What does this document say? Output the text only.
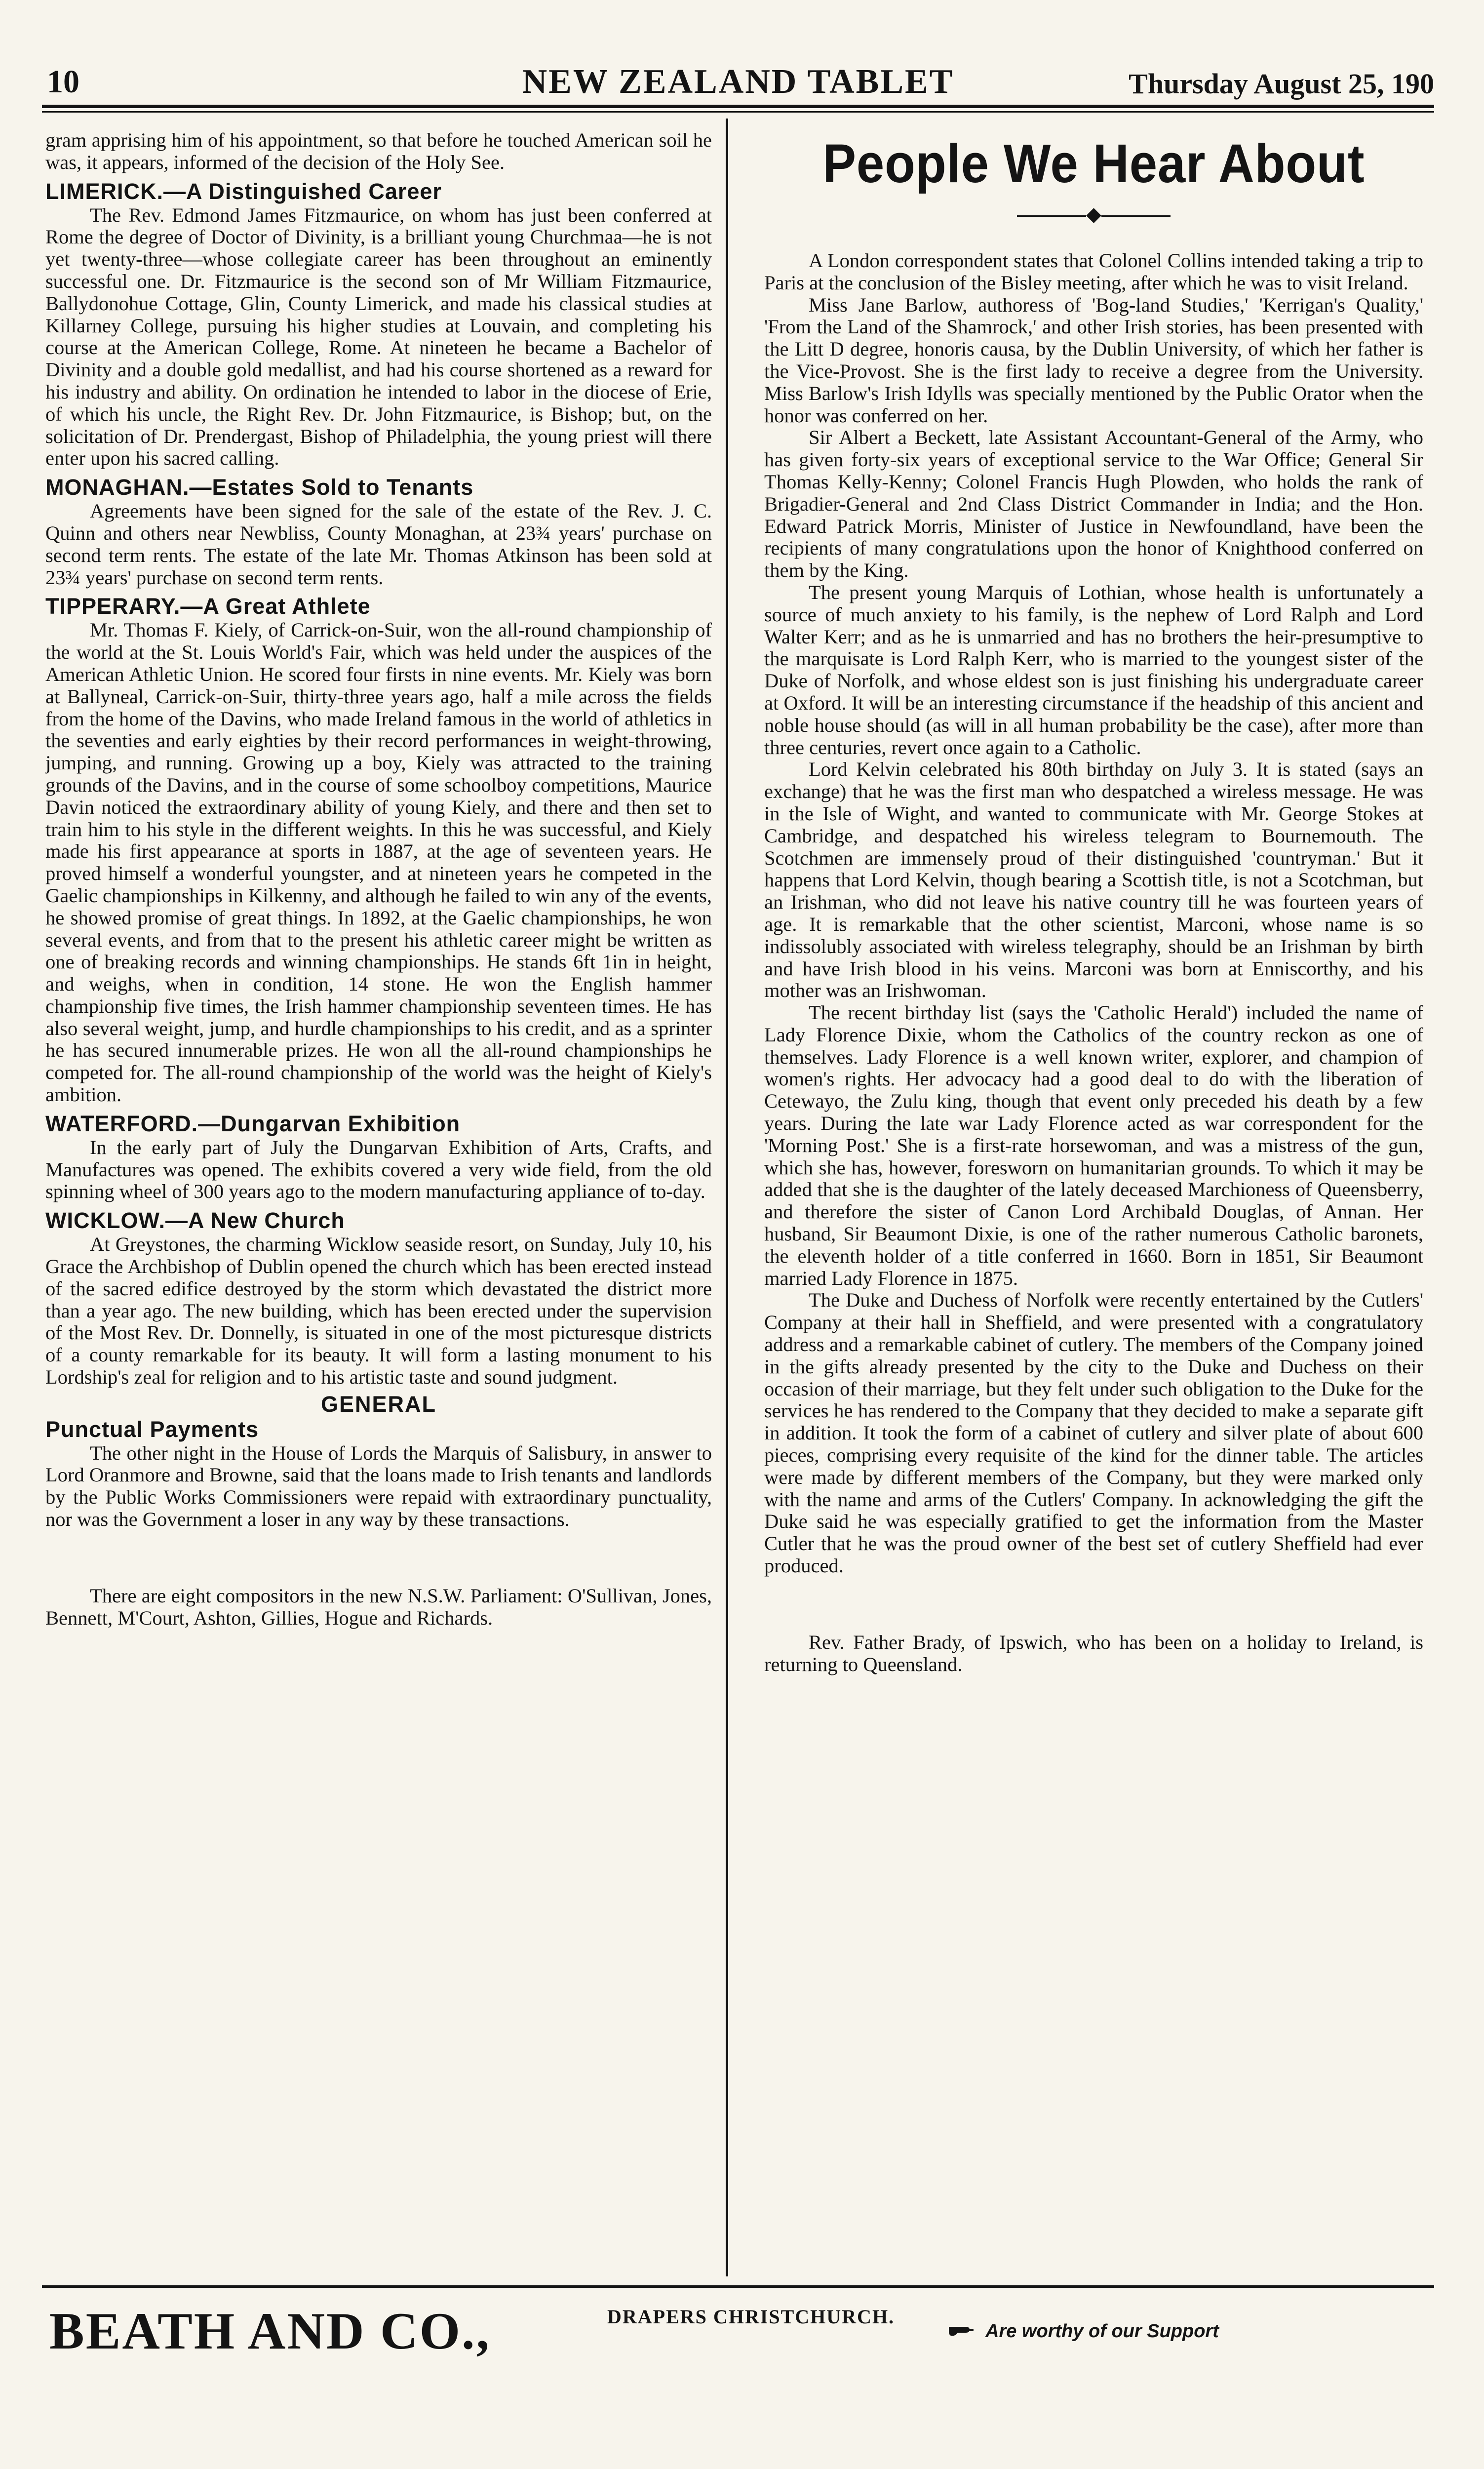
10	NEW ZEALAND TABLET	Thursday August 25, 190

gram apprising him of his appointment, so that before he touched American soil he was, it appears, informed of the decision of the Holy See.

LIMERICK.—A Distinguished Career

The Rev. Edmond James Fitzmaurice, on whom has just been conferred at Rome the degree of Doctor of Divinity, is a brilliant young Churchmaa—he is not yet twenty-three—whose collegiate career has been throughout an eminently successful one. Dr. Fitzmaurice is the second son of Mr William Fitzmaurice, Ballydonohue Cottage, Glin, County Limerick, and made his classical studies at Killarney College, pursuing his higher studies at Louvain, and completing his course at the American College, Rome. At nineteen he became a Bachelor of Divinity and a double gold medallist, and had his course shortened as a reward for his industry and ability. On ordination he intended to labor in the diocese of Erie, of which his uncle, the Right Rev. Dr. John Fitzmaurice, is Bishop; but, on the solicitation of Dr. Prendergast, Bishop of Philadelphia, the young priest will there enter upon his sacred calling.

MONAGHAN.—Estates Sold to Tenants

Agreements have been signed for the sale of the estate of the Rev. J. C. Quinn and others near Newbliss, County Monaghan, at 23¾ years' purchase on second term rents. The estate of the late Mr. Thomas Atkinson has been sold at 23¾ years' purchase on second term rents.

TIPPERARY.—A Great Athlete

Mr. Thomas F. Kiely, of Carrick-on-Suir, won the all-round championship of the world at the St. Louis World's Fair, which was held under the auspices of the American Athletic Union. He scored four firsts in nine events. Mr. Kiely was born at Ballyneal, Carrick-on-Suir, thirty-three years ago, half a mile across the fields from the home of the Davins, who made Ireland famous in the world of athletics in the seventies and early eighties by their record performances in weight-throwing, jumping, and running. Growing up a boy, Kiely was attracted to the training grounds of the Davins, and in the course of some schoolboy competitions, Maurice Davin noticed the extraordinary ability of young Kiely, and there and then set to train him to his style in the different weights. In this he was successful, and Kiely made his first appearance at sports in 1887, at the age of seventeen years. He proved himself a wonderful youngster, and at nineteen years he competed in the Gaelic championships in Kilkenny, and although he failed to win any of the events, he showed promise of great things. In 1892, at the Gaelic championships, he won several events, and from that to the present his athletic career might be written as one of breaking records and winning championships. He stands 6ft 1in in height, and weighs, when in condition, 14 stone. He won the English hammer championship five times, the Irish hammer championship seventeen times. He has also several weight, jump, and hurdle championships to his credit, and as a sprinter he has secured innumerable prizes. He won all the all-round championships he competed for. The all-round championship of the world was the height of Kiely's ambition.

WATERFORD.—Dungarvan Exhibition

In the early part of July the Dungarvan Exhibition of Arts, Crafts, and Manufactures was opened. The exhibits covered a very wide field, from the old spinning wheel of 300 years ago to the modern manufacturing appliance of to-day.

WICKLOW.—A New Church

At Greystones, the charming Wicklow seaside resort, on Sunday, July 10, his Grace the Archbishop of Dublin opened the church which has been erected instead of the sacred edifice destroyed by the storm which devastated the district more than a year ago. The new building, which has been erected under the supervision of the Most Rev. Dr. Donnelly, is situated in one of the most picturesque districts of a county remarkable for its beauty. It will form a lasting monument to his Lordship's zeal for religion and to his artistic taste and sound judgment.

GENERAL
Punctual Payments

The other night in the House of Lords the Marquis of Salisbury, in answer to Lord Oranmore and Browne, said that the loans made to Irish tenants and landlords by the Public Works Commissioners were repaid with extraordinary punctuality, nor was the Government a loser in any way by these transactions.

There are eight compositors in the new N.S.W. Parliament: O'Sullivan, Jones, Bennett, M'Court, Ashton, Gillies, Hogue and Richards.

People We Hear About
◆

A London correspondent states that Colonel Collins intended taking a trip to Paris at the conclusion of the Bisley meeting, after which he was to visit Ireland.

Miss Jane Barlow, authoress of 'Bog-land Studies,' 'Kerrigan's Quality,' 'From the Land of the Shamrock,' and other Irish stories, has been presented with the Litt D degree, honoris causa, by the Dublin University, of which her father is the Vice-Provost. She is the first lady to receive a degree from the University. Miss Barlow's Irish Idylls was specially mentioned by the Public Orator when the honor was conferred on her.

Sir Albert a Beckett, late Assistant Accountant-General of the Army, who has given forty-six years of exceptional service to the War Office; General Sir Thomas Kelly-Kenny; Colonel Francis Hugh Plowden, who holds the rank of Brigadier-General and 2nd Class District Commander in India; and the Hon. Edward Patrick Morris, Minister of Justice in Newfoundland, have been the recipients of many congratulations upon the honor of Knighthood conferred on them by the King.

The present young Marquis of Lothian, whose health is unfortunately a source of much anxiety to his family, is the nephew of Lord Ralph and Lord Walter Kerr; and as he is unmarried and has no brothers the heir-presumptive to the marquisate is Lord Ralph Kerr, who is married to the youngest sister of the Duke of Norfolk, and whose eldest son is just finishing his undergraduate career at Oxford. It will be an interesting circumstance if the headship of this ancient and noble house should (as will in all human probability be the case), after more than three centuries, revert once again to a Catholic.

Lord Kelvin celebrated his 80th birthday on July 3. It is stated (says an exchange) that he was the first man who despatched a wireless message. He was in the Isle of Wight, and wanted to communicate with Mr. George Stokes at Cambridge, and despatched his wireless telegram to Bournemouth. The Scotchmen are immensely proud of their distinguished 'countryman.' But it happens that Lord Kelvin, though bearing a Scottish title, is not a Scotchman, but an Irishman, who did not leave his native country till he was fourteen years of age. It is remarkable that the other scientist, Marconi, whose name is so indissolubly associated with wireless telegraphy, should be an Irishman by birth and have Irish blood in his veins. Marconi was born at Enniscorthy, and his mother was an Irishwoman.

The recent birthday list (says the 'Catholic Herald') included the name of Lady Florence Dixie, whom the Catholics of the country reckon as one of themselves. Lady Florence is a well known writer, explorer, and champion of women's rights. Her advocacy had a good deal to do with the liberation of Cetewayo, the Zulu king, though that event only preceded his death by a few years. During the late war Lady Florence acted as war correspondent for the 'Morning Post.' She is a first-rate horsewoman, and was a mistress of the gun, which she has, however, foresworn on humanitarian grounds. To which it may be added that she is the daughter of the lately deceased Marchioness of Queensberry, and therefore the sister of Canon Lord Archibald Douglas, of Annan. Her husband, Sir Beaumont Dixie, is one of the rather numerous Catholic baronets, the eleventh holder of a title conferred in 1660. Born in 1851, Sir Beaumont married Lady Florence in 1875.

The Duke and Duchess of Norfolk were recently entertained by the Cutlers' Company at their hall in Sheffield, and were presented with a congratulatory address and a remarkable cabinet of cutlery. The members of the Company joined in the gifts already presented by the city to the Duke and Duchess on their occasion of their marriage, but they felt under such obligation to the Duke for the services he has rendered to the Company that they decided to make a separate gift in addition. It took the form of a cabinet of cutlery and silver plate of about 600 pieces, comprising every requisite of the kind for the dinner table. The articles were made by different members of the Company, but they were marked only with the name and arms of the Cutlers' Company. In acknowledging the gift the Duke said he was especially gratified to get the information from the Master Cutler that he was the proud owner of the best set of cutlery Sheffield had ever produced.

Rev. Father Brady, of Ipswich, who has been on a holiday to Ireland, is returning to Queensland.

BEATH AND CO.,	DRAPERS CHRISTCHURCH.
Are worthy of our Support
